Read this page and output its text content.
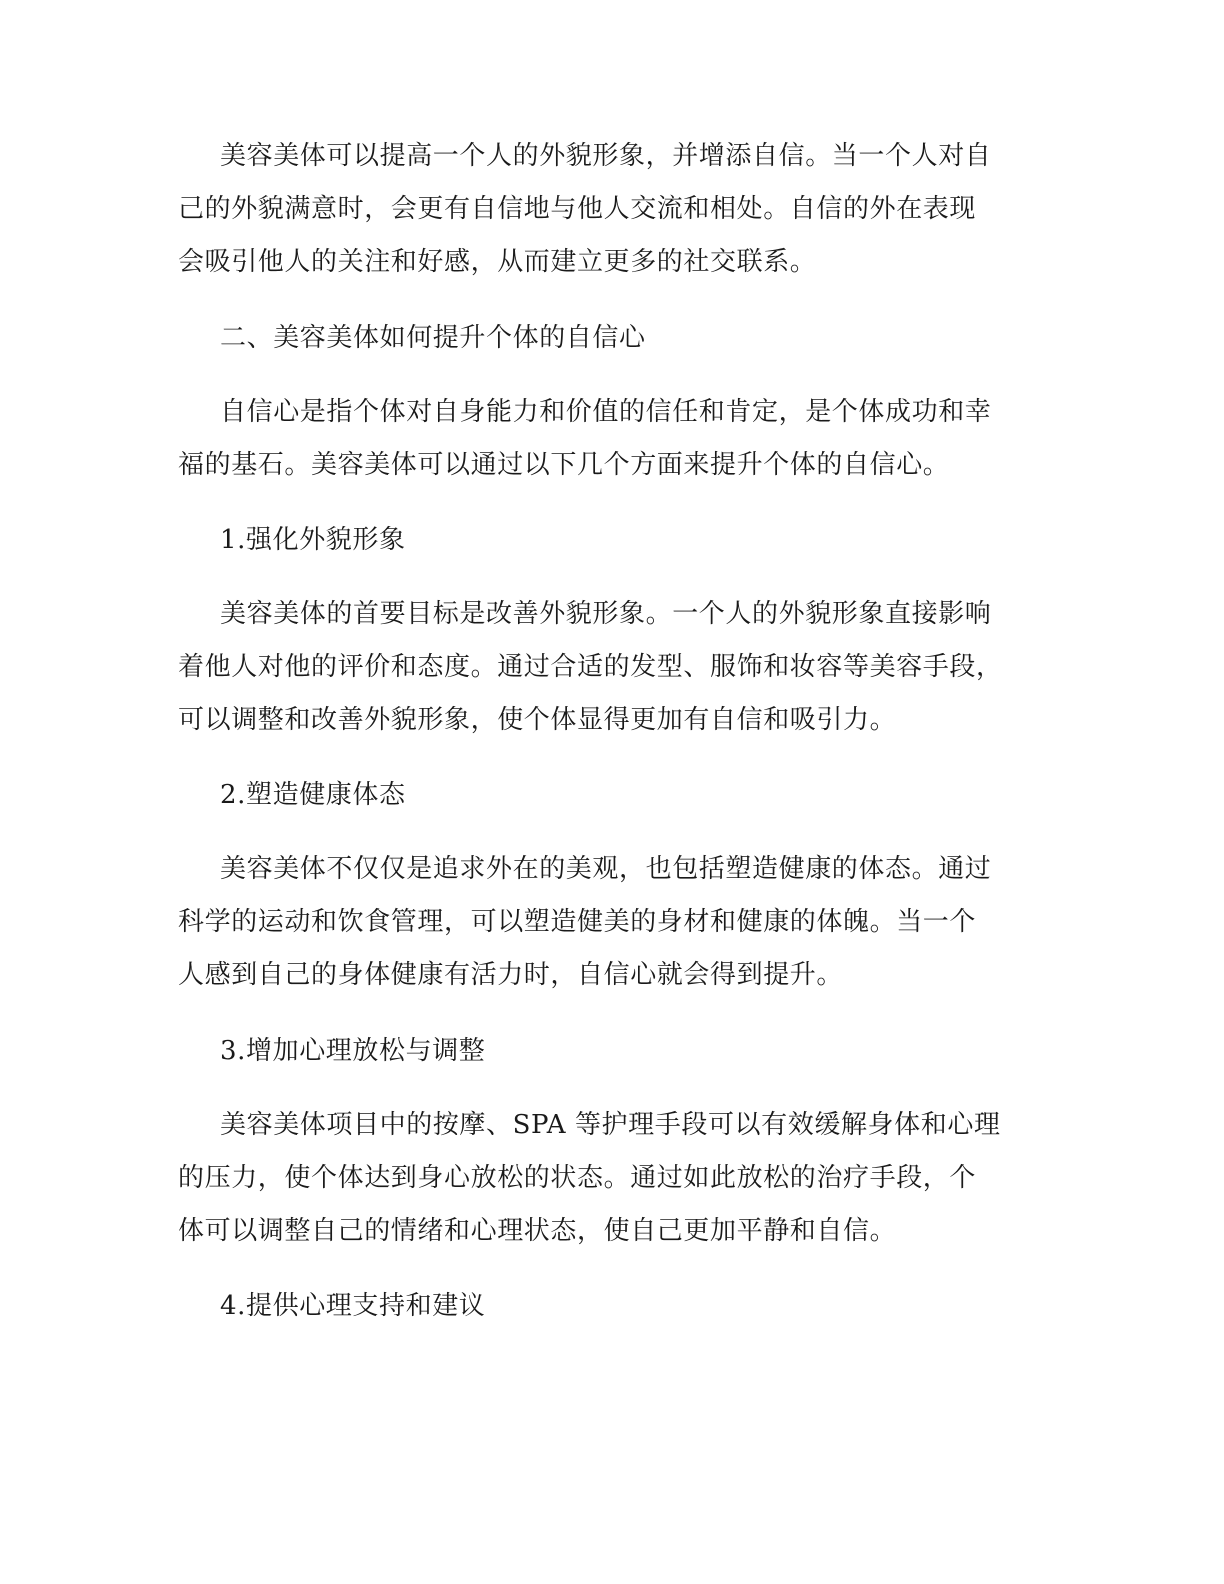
美容美体可以提高一个人的外貌形象，并增添自信。当一个人对自
己的外貌满意时，会更有自信地与他人交流和相处。自信的外在表现
会吸引他人的关注和好感，从而建立更多的社交联系。
二、美容美体如何提升个体的自信心
自信心是指个体对自身能力和价值的信任和肯定，是个体成功和幸
福的基石。美容美体可以通过以下几个方面来提升个体的自信心。
1.强化外貌形象
美容美体的首要目标是改善外貌形象。一个人的外貌形象直接影响
着他人对他的评价和态度。通过合适的发型、服饰和妆容等美容手段，
可以调整和改善外貌形象，使个体显得更加有自信和吸引力。
2.塑造健康体态
美容美体不仅仅是追求外在的美观，也包括塑造健康的体态。通过
科学的运动和饮食管理，可以塑造健美的身材和健康的体魄。当一个
人感到自己的身体健康有活力时，自信心就会得到提升。
3.增加心理放松与调整
美容美体项目中的按摩、SPA 等护理手段可以有效缓解身体和心理
的压力，使个体达到身心放松的状态。通过如此放松的治疗手段，个
体可以调整自己的情绪和心理状态，使自己更加平静和自信。
4.提供心理支持和建议
